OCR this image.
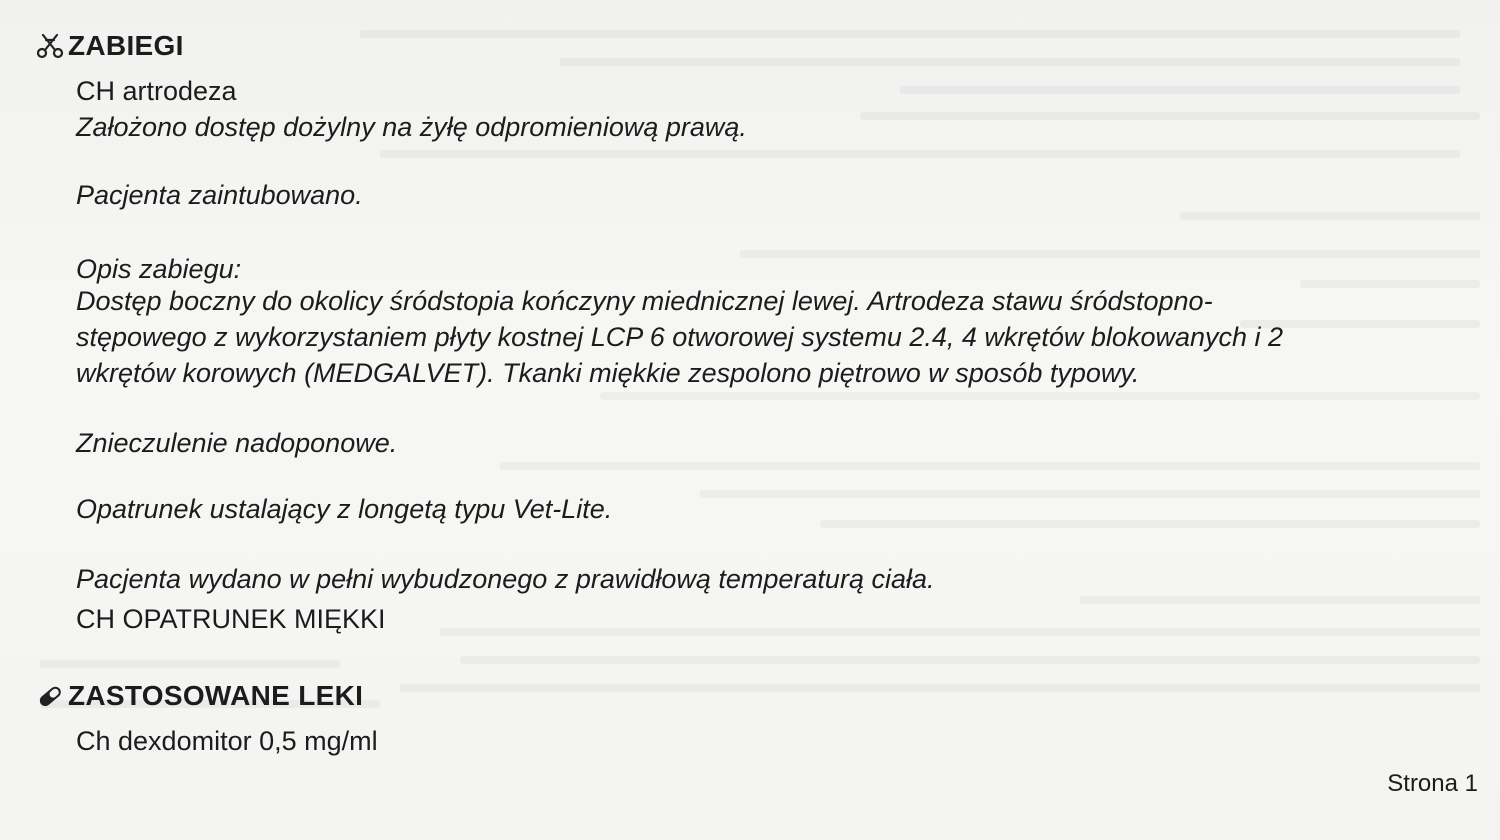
ZABIEGI
CH artrodeza
Założono dostęp dożylny na żyłę odpromieniową prawą.
Pacjenta zaintubowano.
Opis zabiegu:
Dostęp boczny do okolicy śródstopia kończyny miednicznej lewej. Artrodeza stawu śródstopno-
stępowego z wykorzystaniem płyty kostnej LCP 6 otworowej systemu 2.4, 4 wkrętów blokowanych i 2
wkrętów korowych (MEDGALVET). Tkanki miękkie zespolono piętrowo w sposób typowy.
Znieczulenie nadoponowe.
Opatrunek ustalający z longetą typu Vet-Lite.
Pacjenta wydano w pełni wybudzonego z prawidłową temperaturą ciała.
CH OPATRUNEK MIĘKKI
ZASTOSOWANE LEKI
Ch dexdomitor 0,5 mg/ml
Strona 1
